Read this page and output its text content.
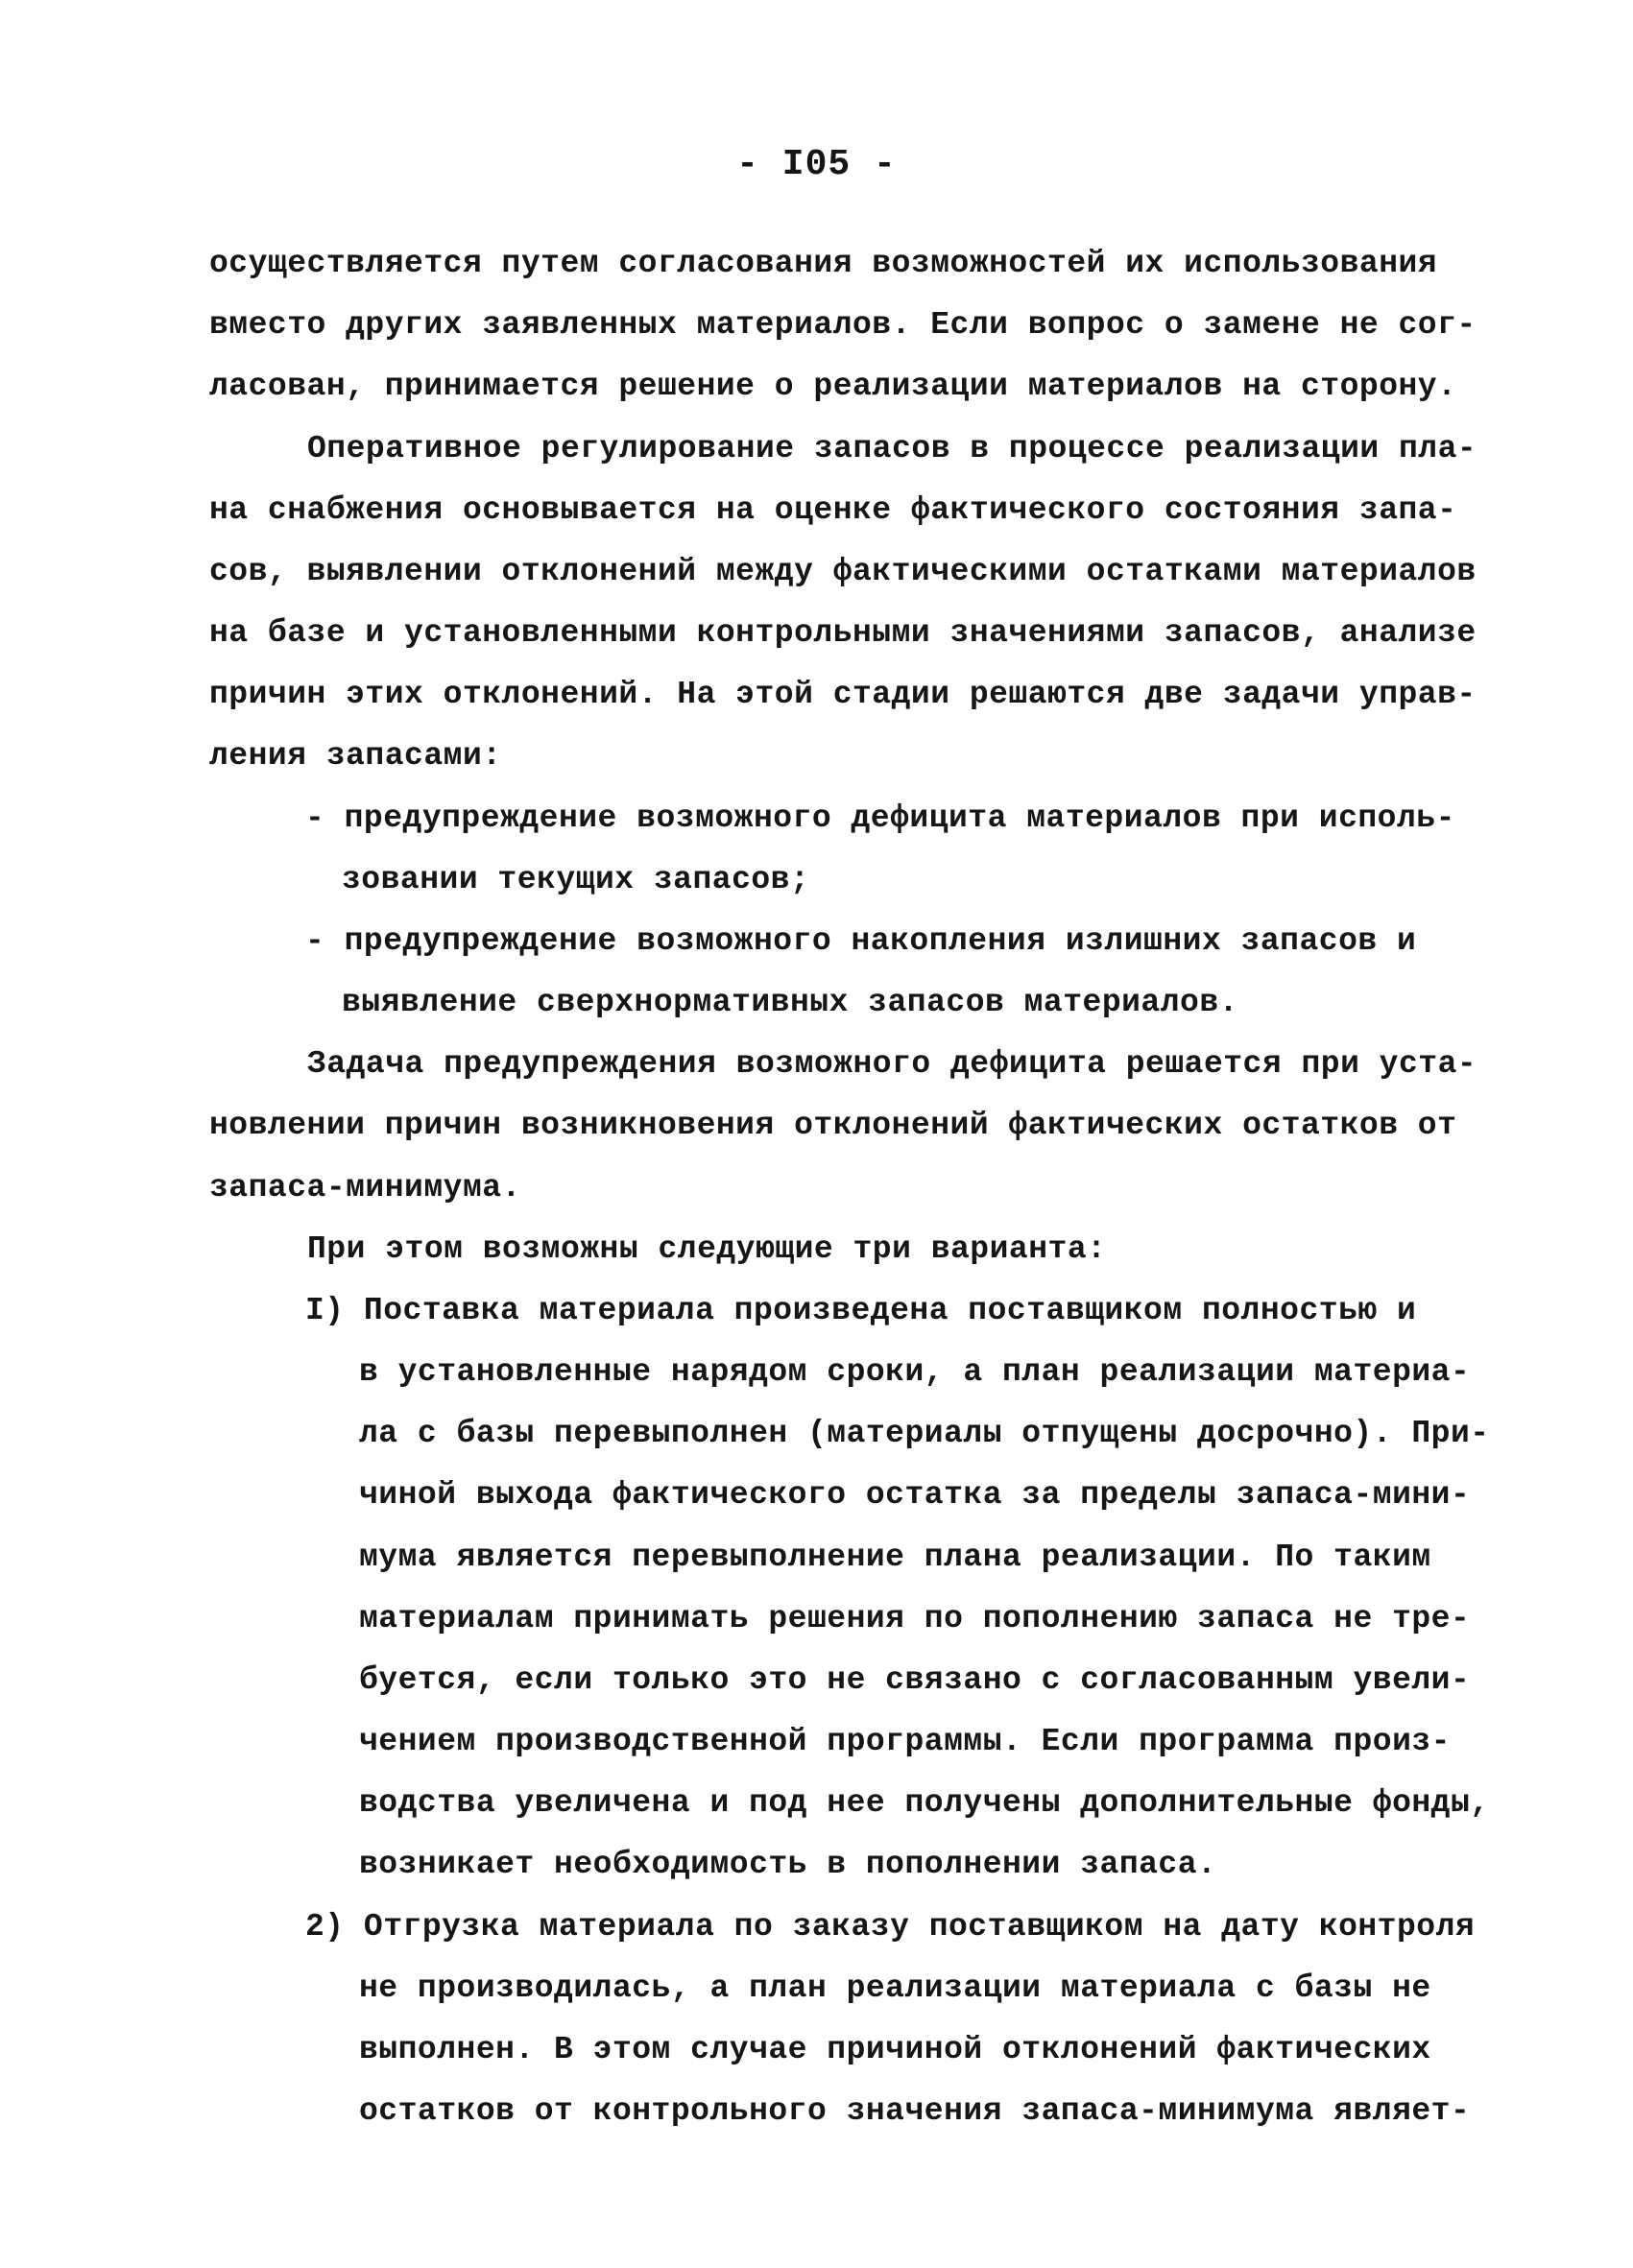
- I05 -
осуществляется путем согласования возможностей их использования
вместо других заявленных материалов. Если вопрос о замене не сог-
ласован, принимается решение о реализации материалов на сторону.
Оперативное регулирование запасов в процессе реализации пла-
на снабжения основывается на оценке фактического состояния запа-
сов, выявлении отклонений между фактическими остатками материалов
на базе и установленными контрольными значениями запасов, анализе
причин этих отклонений. На этой стадии решаются две задачи управ-
ления запасами:
- предупреждение возможного дефицита материалов при исполь-
зовании текущих запасов;
- предупреждение возможного накопления излишних запасов и
выявление сверхнормативных запасов материалов.
Задача предупреждения возможного дефицита решается при уста-
новлении причин возникновения отклонений фактических остатков от
запаса-минимума.
При этом возможны следующие три варианта:
I) Поставка материала произведена поставщиком полностью и
в установленные нарядом сроки, а план реализации материа-
ла с базы перевыполнен (материалы отпущены досрочно). При-
чиной выхода фактического остатка за пределы запаса-мини-
мума является перевыполнение плана реализации. По таким
материалам принимать решения по пополнению запаса не тре-
буется, если только это не связано с согласованным увели-
чением производственной программы. Если программа произ-
водства увеличена и под нее получены дополнительные фонды,
возникает необходимость в пополнении запаса.
2) Отгрузка материала по заказу поставщиком на дату контроля
не производилась, а план реализации материала с базы не
выполнен. В этом случае причиной отклонений фактических
остатков от контрольного значения запаса-минимума являет-
